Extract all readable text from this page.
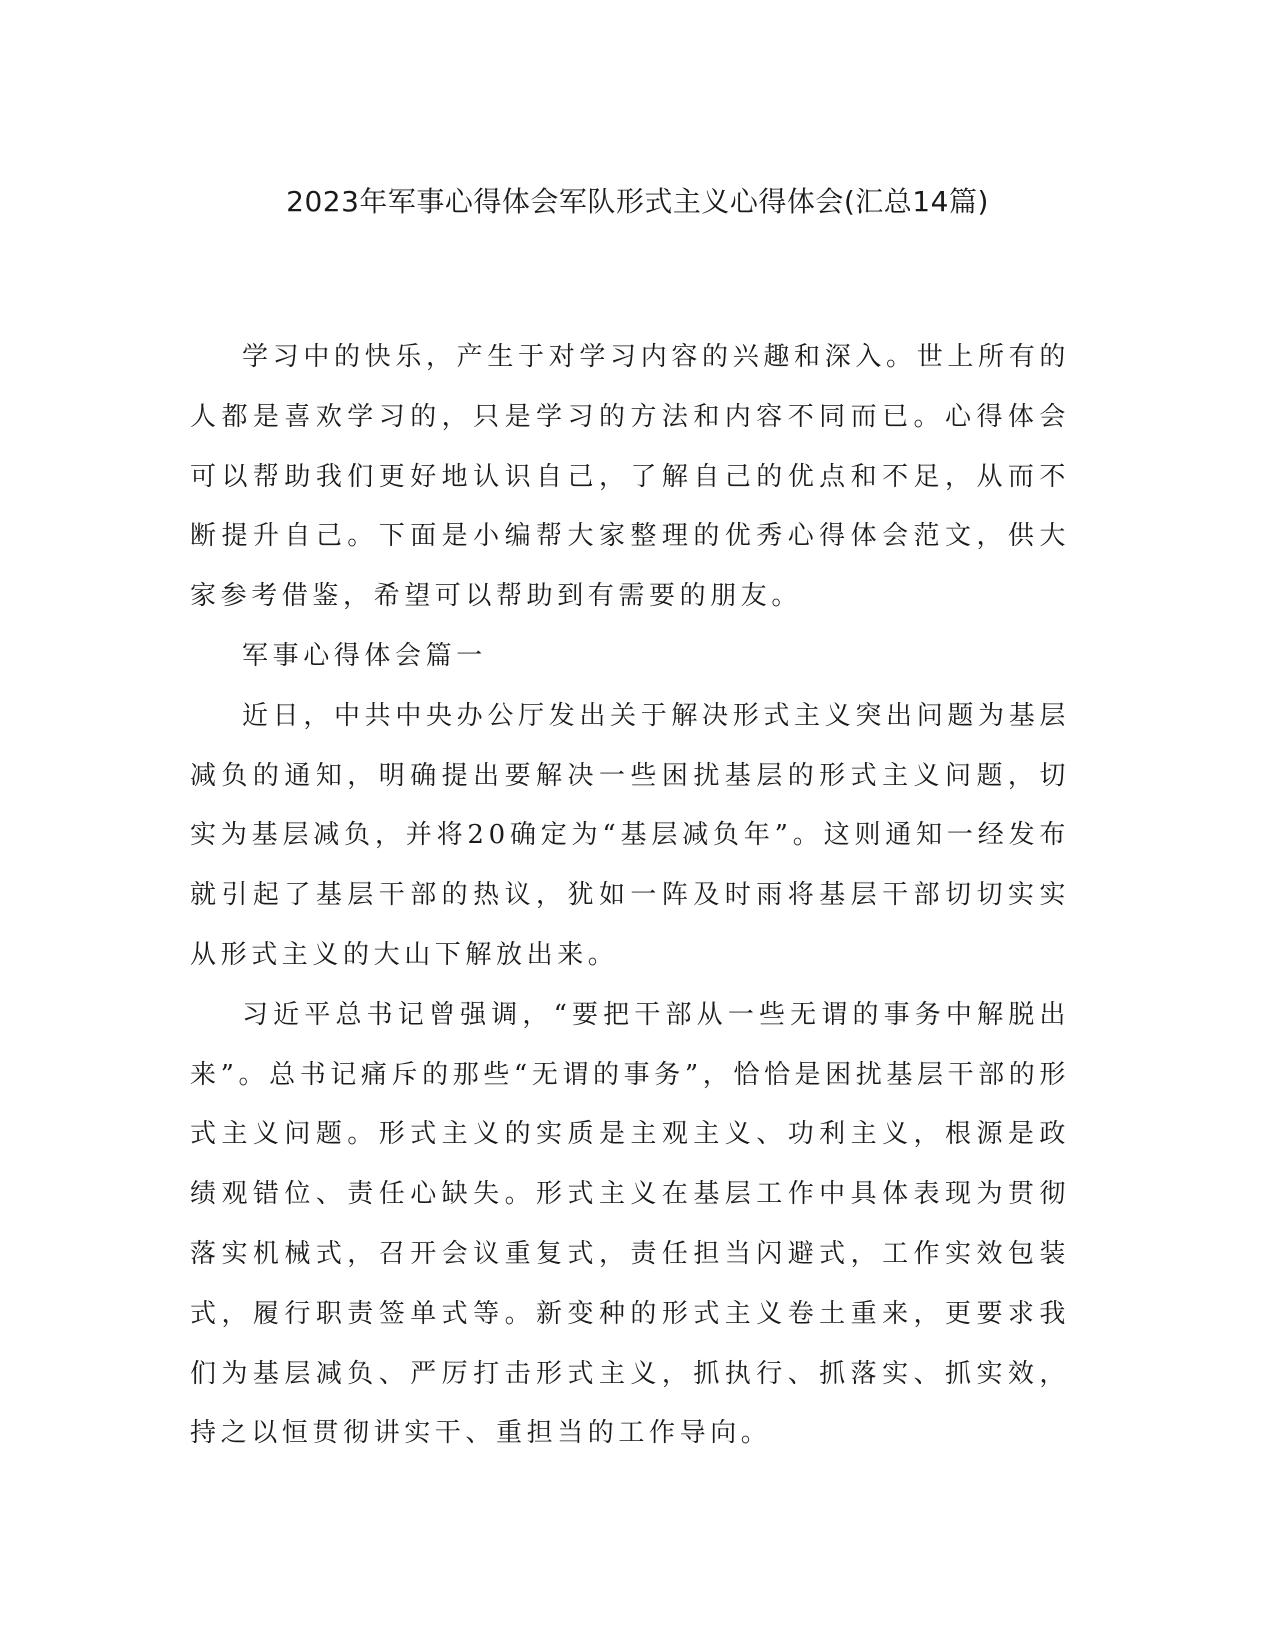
2023年军事心得体会军队形式主义心得体会(汇总14篇)

学习中的快乐，产生于对学习内容的兴趣和深入。世上所有的人都是喜欢学习的，只是学习的方法和内容不同而已。心得体会可以帮助我们更好地认识自己，了解自己的优点和不足，从而不断提升自己。下面是小编帮大家整理的优秀心得体会范文，供大家参考借鉴，希望可以帮助到有需要的朋友。

军事心得体会篇一

近日，中共中央办公厅发出关于解决形式主义突出问题为基层减负的通知，明确提出要解决一些困扰基层的形式主义问题，切实为基层减负，并将20确定为“基层减负年”。这则通知一经发布就引起了基层干部的热议，犹如一阵及时雨将基层干部切切实实从形式主义的大山下解放出来。

习近平总书记曾强调，“要把干部从一些无谓的事务中解脱出来”。总书记痛斥的那些“无谓的事务”，恰恰是困扰基层干部的形式主义问题。形式主义的实质是主观主义、功利主义，根源是政绩观错位、责任心缺失。形式主义在基层工作中具体表现为贯彻落实机械式，召开会议重复式，责任担当闪避式，工作实效包装式，履行职责签单式等。新变种的形式主义卷土重来，更要求我们为基层减负、严厉打击形式主义，抓执行、抓落实、抓实效，持之以恒贯彻讲实干、重担当的工作导向。
